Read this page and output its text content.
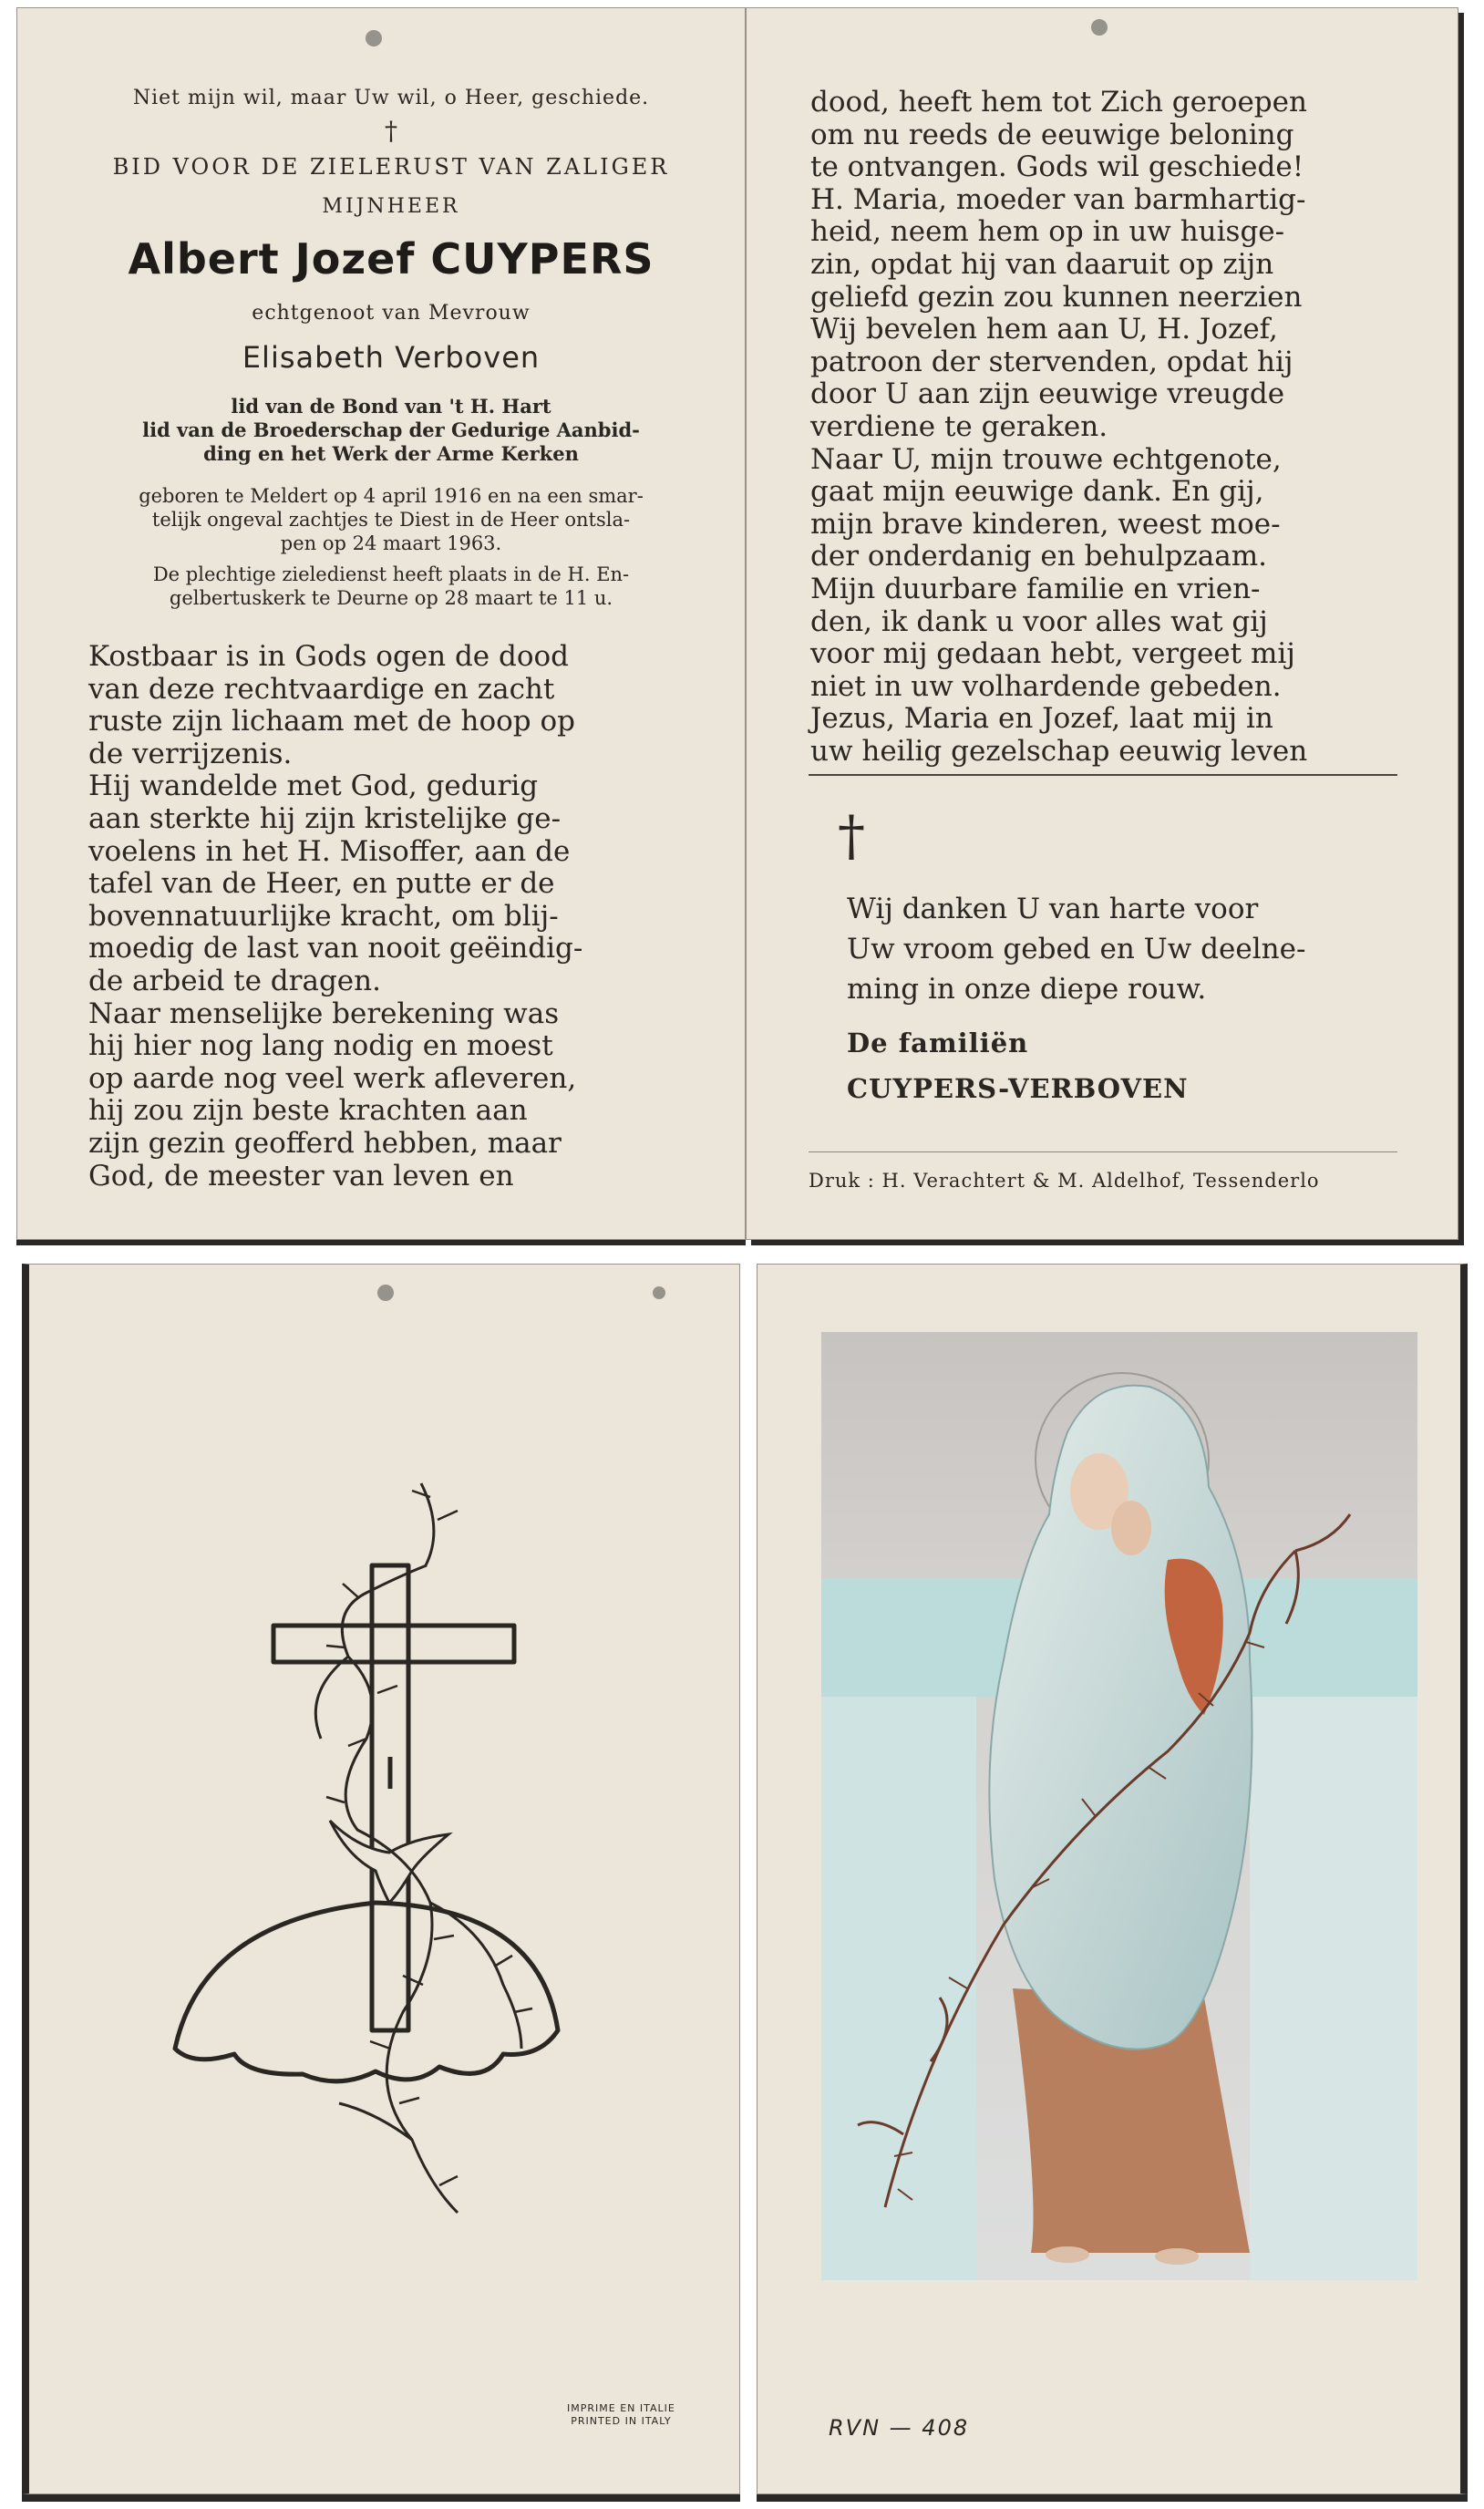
Niet mijn wil, maar Uw wil, o Heer, geschiede.
†
BID VOOR DE ZIELERUST VAN ZALIGER
MIJNHEER
Albert Jozef CUYPERS
echtgenoot van Mevrouw
Elisabeth Verboven
lid van de Bond van 't H. Hart
lid van de Broederschap der Gedurige Aanbid-
ding en het Werk der Arme Kerken
geboren te Meldert op 4 april 1916 en na een smar-
telijk ongeval zachtjes te Diest in de Heer ontsla-
pen op 24 maart 1963.
De plechtige zieledienst heeft plaats in de H. En-
gelbertuskerk te Deurne op 28 maart te 11 u.
Kostbaar is in Gods ogen de dood
van deze rechtvaardige en zacht
ruste zijn lichaam met de hoop op
de verrijzenis.
Hij wandelde met God, gedurig
aan sterkte hij zijn kristelijke ge-
voelens in het H. Misoffer, aan de
tafel van de Heer, en putte er de
bovennatuurlijke kracht, om blij-
moedig de last van nooit geëindig-
de arbeid te dragen.
Naar menselijke berekening was
hij hier nog lang nodig en moest
op aarde nog veel werk afleveren,
hij zou zijn beste krachten aan
zijn gezin geofferd hebben, maar
God, de meester van leven en
dood, heeft hem tot Zich geroepen
om nu reeds de eeuwige beloning
te ontvangen. Gods wil geschiede!
H. Maria, moeder van barmhartig-
heid, neem hem op in uw huisge-
zin, opdat hij van daaruit op zijn
geliefd gezin zou kunnen neerzien
Wij bevelen hem aan U, H. Jozef,
patroon der stervenden, opdat hij
door U aan zijn eeuwige vreugde
verdiene te geraken.
Naar U, mijn trouwe echtgenote,
gaat mijn eeuwige dank. En gij,
mijn brave kinderen, weest moe-
der onderdanig en behulpzaam.
Mijn duurbare familie en vrien-
den, ik dank u voor alles wat gij
voor mij gedaan hebt, vergeet mij
niet in uw volhardende gebeden.
Jezus, Maria en Jozef, laat mij in
uw heilig gezelschap eeuwig leven
†
Wij danken U van harte voor
Uw vroom gebed en Uw deelne-
ming in onze diepe rouw.
De familiën
CUYPERS-VERBOVEN
Druk : H. Verachtert & M. Aldelhof, Tessenderlo
IMPRIME EN ITALIE
PRINTED IN ITALY	RVN — 408
